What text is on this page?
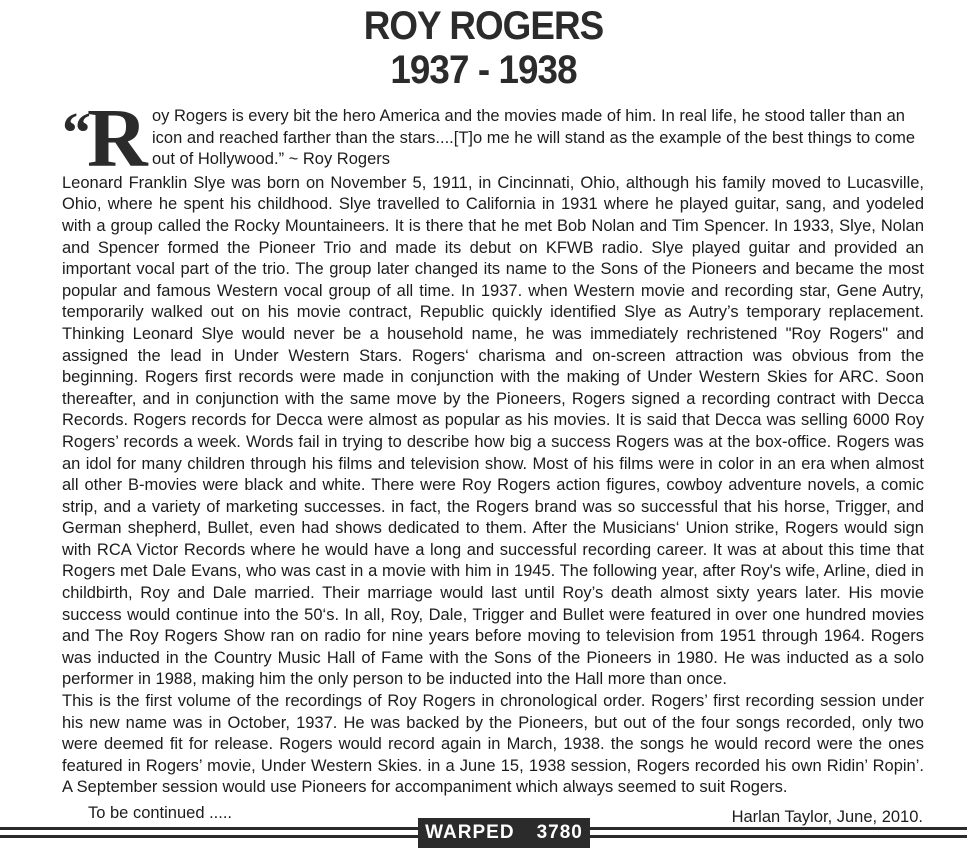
ROY ROGERS
1937 - 1938
“R oy Rogers is every bit the hero America and the movies made of him. In real life, he stood taller than an icon and reached farther than the stars....[T]o me he will stand as the example of the best things to come out of Hollywood.” ~ Roy Rogers

Leonard Franklin Slye was born on November 5, 1911, in Cincinnati, Ohio, although his family moved to Lucasville, Ohio, where he spent his childhood. Slye travelled to California in 1931 where he played guitar, sang, and yodeled with a group called the Rocky Mountaineers. It is there that he met Bob Nolan and Tim Spencer. In 1933, Slye, Nolan and Spencer formed the Pioneer Trio and made its debut on KFWB radio. Slye played guitar and provided an important vocal part of the trio. The group later changed its name to the Sons of the Pioneers and became the most popular and famous Western vocal group of all time. In 1937. when Western movie and recording star, Gene Autry, temporarily walked out on his movie contract, Republic quickly identified Slye as Autry’s temporary replacement. Thinking Leonard Slye would never be a household name, he was immediately rechristened "Roy Rogers" and assigned the lead in Under Western Stars. Rogers‘ charisma and on-screen attraction was obvious from the beginning. Rogers first records were made in conjunction with the making of Under Western Skies for ARC. Soon thereafter, and in conjunction with the same move by the Pioneers, Rogers signed a recording contract with Decca Records. Rogers records for Decca were almost as popular as his movies. It is said that Decca was selling 6000 Roy Rogers’ records a week. Words fail in trying to describe how big a success Rogers was at the box-office. Rogers was an idol for many children through his films and television show. Most of his films were in color in an era when almost all other B-movies were black and white. There were Roy Rogers action figures, cowboy adventure novels, a comic strip, and a variety of marketing successes. in fact, the Rogers brand was so successful that his horse, Trigger, and German shepherd, Bullet, even had shows dedicated to them. After the Musicians‘ Union strike, Rogers would sign with RCA Victor Records where he would have a long and successful recording career. It was at about this time that Rogers met Dale Evans, who was cast in a movie with him in 1945. The following year, after Roy's wife, Arline, died in childbirth, Roy and Dale married. Their marriage would last until Roy’s death almost sixty years later. His movie success would continue into the 50‘s. In all, Roy, Dale, Trigger and Bullet were featured in over one hundred movies and The Roy Rogers Show ran on radio for nine years before moving to television from 1951 through 1964. Rogers was inducted in the Country Music Hall of Fame with the Sons of the Pioneers in 1980. He was inducted as a solo performer in 1988, making him the only person to be inducted into the Hall more than once.

This is the first volume of the recordings of Roy Rogers in chronological order. Rogers’ first recording session under his new name was in October, 1937. He was backed by the Pioneers, but out of the four songs recorded, only two were deemed fit for release. Rogers would record again in March, 1938. the songs he would record were the ones featured in Rogers’ movie, Under Western Skies. in a June 15, 1938 session, Rogers recorded his own Ridin’ Ropin’. A September session would use Pioneers for accompaniment which always seemed to suit Rogers.

To be continued .....	Harlan Taylor, June, 2010.
WARPED 3780
